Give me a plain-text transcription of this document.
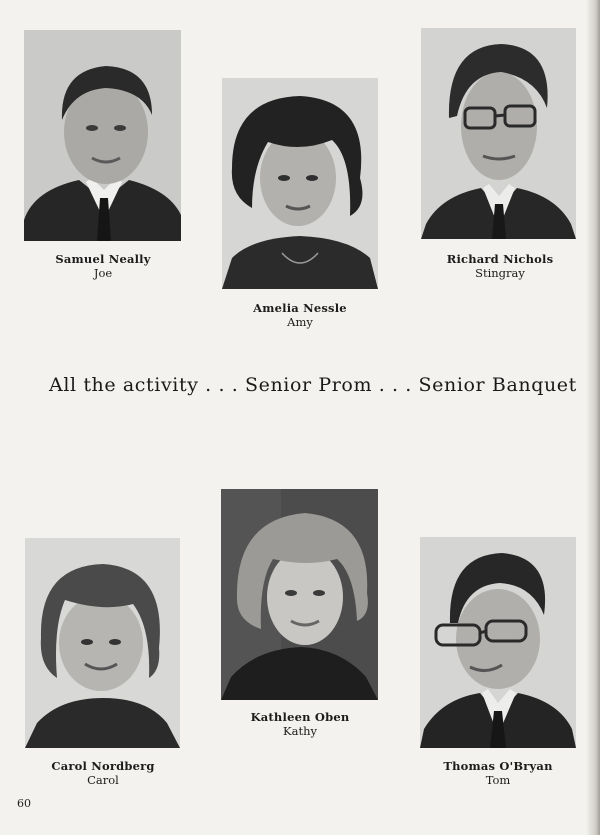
Samuel Neally
Joe
Amelia Nessle
Amy
Richard Nichols
Stingray
All the activity . . . Senior Prom . . . Senior Banquet
Carol Nordberg
Carol
Kathleen Oben
Kathy
Thomas O'Bryan
Tom
60
